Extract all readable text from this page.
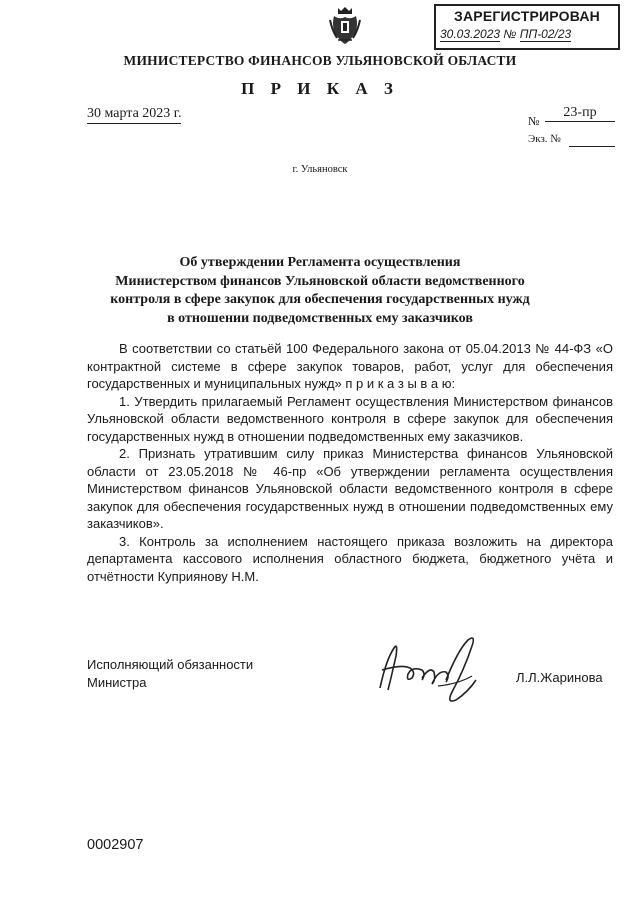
ЗАРЕГИСТРИРОВАН
30.03.2023 № ПП-02/23
МИНИСТЕРСТВО ФИНАНСОВ УЛЬЯНОВСКОЙ ОБЛАСТИ
П Р И К А З
30 марта 2023 г.	№
23-пр
Экз. №
г. Ульяновск
Об утверждении Регламента осуществления
Министерством финансов Ульяновской области ведомственного
контроля в сфере закупок для обеспечения государственных нужд
в отношении подведомственных ему заказчиков

В соответствии со статьёй 100 Федерального закона от 05.04.2013 № 44-ФЗ «О контрактной системе в сфере закупок товаров, работ, услуг для обеспечения государственных и муниципальных нужд» п р и к а з ы в а ю:

1. Утвердить прилагаемый Регламент осуществления Министерством финансов Ульяновской области ведомственного контроля в сфере закупок для обеспечения государственных нужд в отношении подведомственных ему заказчиков.

2. Признать утратившим силу приказ Министерства финансов Ульяновской области от 23.05.2018 № 46-пр «Об утверждении регламента осуществления Министерством финансов Ульяновской области ведомственного контроля в сфере закупок для обеспечения государственных нужд в отношении подведомственных ему заказчиков».

3. Контроль за исполнением настоящего приказа возложить на директора департамента кассового исполнения областного бюджета, бюджетного учёта и отчётности Куприянову Н.М.

Исполняющий обязанности
Министра	Л.Л.Жаринова
0002907
